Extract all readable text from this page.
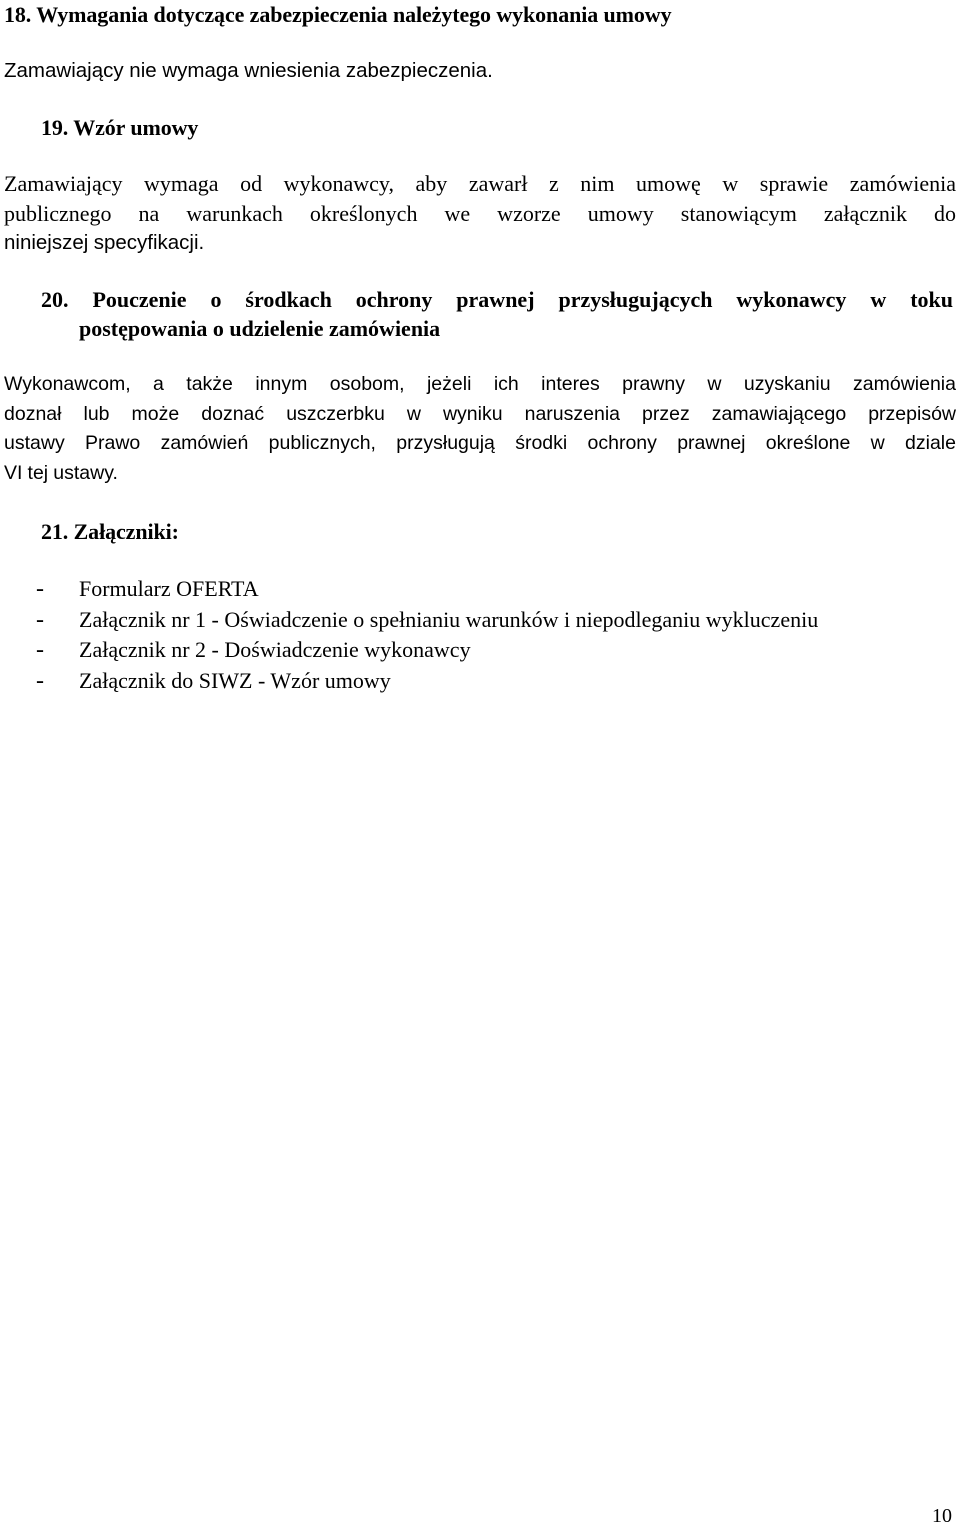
18. Wymagania dotyczące zabezpieczenia należytego wykonania umowy
Zamawiający nie wymaga wniesienia zabezpieczenia.
19. Wzór umowy
Zamawiający wymaga od wykonawcy, aby zawarł z nim umowę w sprawie zamówienia
publicznego na warunkach określonych we wzorze umowy stanowiącym załącznik do
niniejszej specyfikacji.
20. Pouczenie o środkach ochrony prawnej przysługujących wykonawcy w toku
postępowania o udzielenie zamówienia
Wykonawcom, a także innym osobom, jeżeli ich interes prawny w uzyskaniu zamówienia
doznał lub może doznać uszczerbku w wyniku naruszenia przez zamawiającego przepisów
ustawy Prawo zamówień publicznych, przysługują środki ochrony prawnej określone w dziale
VI tej ustawy.
21. Załączniki:
- Formularz OFERTA
- Załącznik nr 1 - Oświadczenie o spełnianiu warunków i niepodleganiu wykluczeniu
- Załącznik nr 2 - Doświadczenie wykonawcy
- Załącznik do SIWZ - Wzór umowy
10
